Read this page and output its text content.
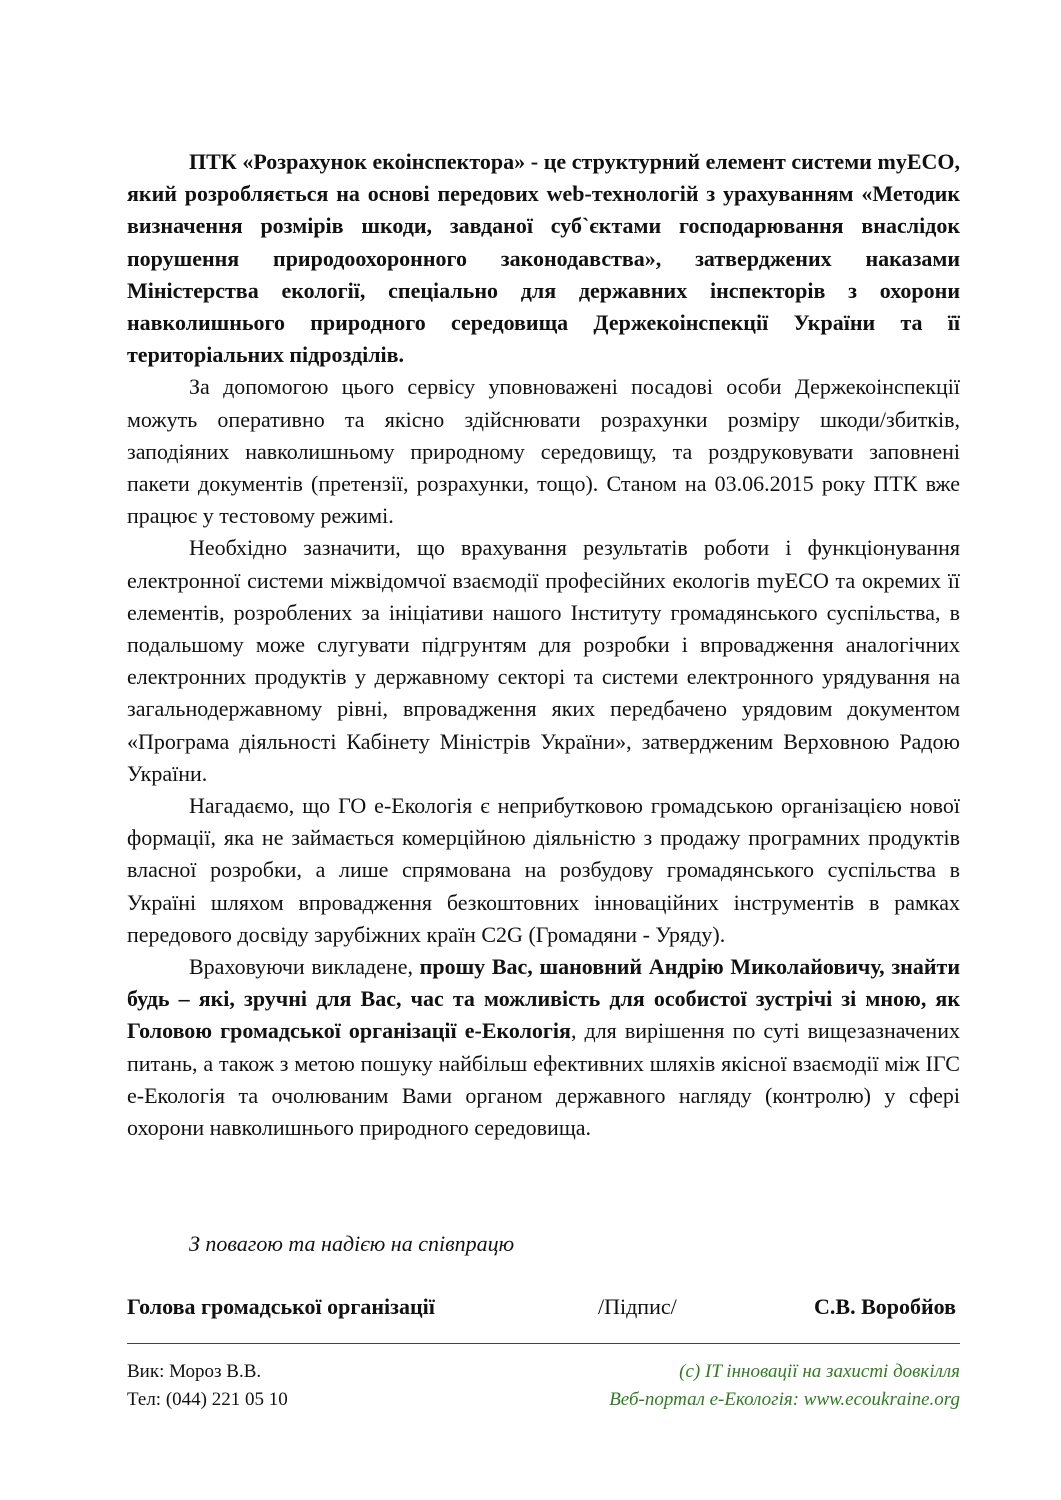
ПТК «Розрахунок екоінспектора» - це структурний елемент системи myECO, який розробляється на основі передових web-технологій з урахуванням «Методик визначення розмірів шкоди, завданої суб`єктами господарювання внаслідок порушення природоохоронного законодавства», затверджених наказами Міністерства екології, спеціально для державних інспекторів з охорони навколишнього природного середовища Держекоінспекції України та її територіальних підрозділів.

За допомогою цього сервісу уповноважені посадові особи Держекоінспекції можуть оперативно та якісно здійснювати розрахунки розміру шкоди/збитків, заподіяних навколишньому природному середовищу, та роздруковувати заповнені пакети документів (претензії, розрахунки, тощо). Станом на 03.06.2015 року ПТК вже працює у тестовому режимі.

Необхідно зазначити, що врахування результатів роботи і функціонування електронної системи міжвідомчої взаємодії професійних екологів myECO та окремих її елементів, розроблених за ініціативи нашого Інституту громадянського суспільства, в подальшому може слугувати підгрунтям для розробки і впровадження аналогічних електронних продуктів у державному секторі та системи електронного урядування на загальнодержавному рівні, впровадження яких передбачено урядовим документом «Програма діяльності Кабінету Міністрів України», затвердженим Верховною Радою України.

Нагадаємо, що ГО е-Екологія є неприбутковою громадською організацією нової формації, яка не займається комерційною діяльністю з продажу програмних продуктів власної розробки, а лише спрямована на розбудову громадянського суспільства в Україні шляхом впровадження безкоштовних інноваційних інструментів в рамках передового досвіду зарубіжних країн С2G (Громадяни - Уряду).

Враховуючи викладене, прошу Вас, шановний Андрію Миколайовичу, знайти будь – які, зручні для Вас, час та можливість для особистої зустрічі зі мною, як Головою громадської організації е-Екологія, для вирішення по суті вищезазначених питань, а також з метою пошуку найбільш ефективних шляхів якісної взаємодії між ІГС е-Екологія та очолюваним Вами органом державного нагляду (контролю) у сфері охорони навколишнього природного середовища.

З повагою та надією на співпрацю
Голова громадської організації	/Підпис/	С.В. Воробйов
Вик: Мороз В.В.
Тел: (044) 221 05 10
(с) IT інновації на захисті довкілля
Веб-портал е-Екологія: www.ecoukraine.org
